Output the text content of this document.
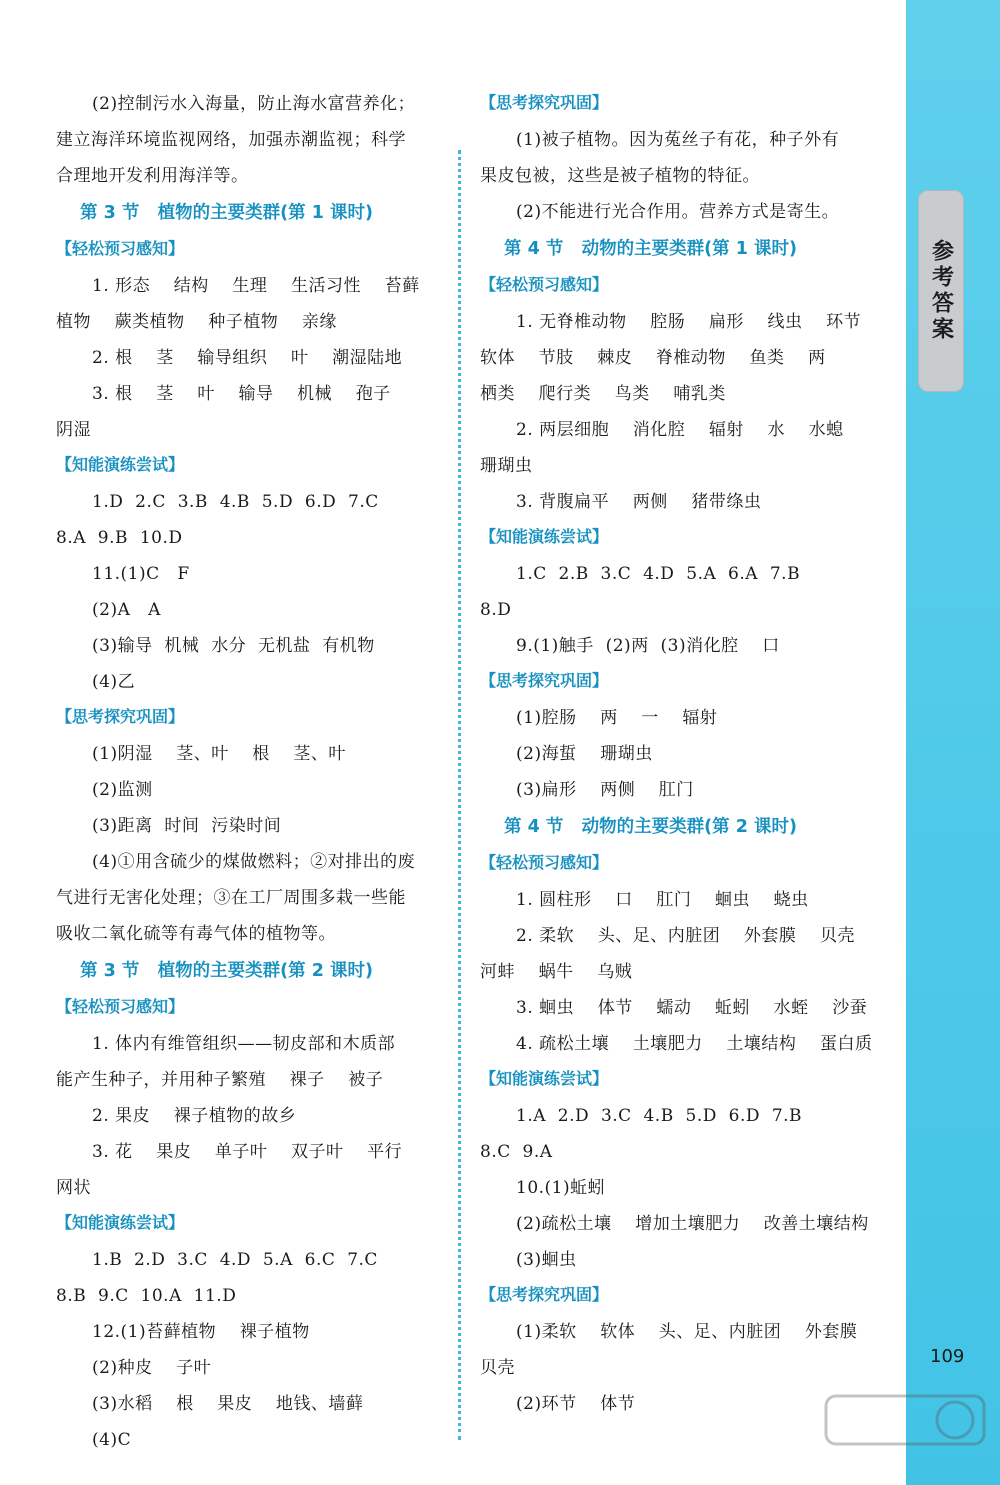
参考答案
(2)控制污水入海量，防止海水富营养化；
建立海洋环境监视网络，加强赤潮监视；科学
合理地开发利用海洋等。
第 3 节   植物的主要类群(第 1 课时)
【轻松预习感知】
1. 形态    结构    生理    生活习性    苔藓
植物    蕨类植物    种子植物    亲缘
2. 根    茎    输导组织    叶    潮湿陆地
3. 根    茎    叶    输导    机械    孢子
阴湿
【知能演练尝试】
1.D  2.C  3.B  4.B  5.D  6.D  7.C
8.A  9.B  10.D
11.(1)C   F
(2)A   A
(3)输导  机械  水分  无机盐  有机物
(4)乙
【思考探究巩固】
(1)阴湿    茎、叶    根    茎、叶
(2)监测
(3)距离  时间  污染时间
(4)①用含硫少的煤做燃料；②对排出的废
气进行无害化处理；③在工厂周围多栽一些能
吸收二氧化硫等有毒气体的植物等。
第 3 节   植物的主要类群(第 2 课时)
【轻松预习感知】
1. 体内有维管组织——韧皮部和木质部
能产生种子，并用种子繁殖    裸子    被子
2. 果皮    裸子植物的故乡
3. 花    果皮    单子叶    双子叶    平行
网状
【知能演练尝试】
1.B  2.D  3.C  4.D  5.A  6.C  7.C
8.B  9.C  10.A  11.D
12.(1)苔藓植物    裸子植物
(2)种皮    子叶
(3)水稻    根    果皮    地钱、墙藓
(4)C
【思考探究巩固】
(1)被子植物。因为菟丝子有花，种子外有
果皮包被，这些是被子植物的特征。
(2)不能进行光合作用。营养方式是寄生。
第 4 节   动物的主要类群(第 1 课时)
【轻松预习感知】
1. 无脊椎动物    腔肠    扁形    线虫    环节
软体    节肢    棘皮    脊椎动物    鱼类    两
栖类    爬行类    鸟类    哺乳类
2. 两层细胞    消化腔    辐射    水    水螅
珊瑚虫
3. 背腹扁平    两侧    猪带绦虫
【知能演练尝试】
1.C  2.B  3.C  4.D  5.A  6.A  7.B
8.D
9.(1)触手  (2)两  (3)消化腔    口
【思考探究巩固】
(1)腔肠    两    一    辐射
(2)海蜇    珊瑚虫
(3)扁形    两侧    肛门
第 4 节   动物的主要类群(第 2 课时)
【轻松预习感知】
1. 圆柱形    口    肛门    蛔虫    蛲虫
2. 柔软    头、足、内脏团    外套膜    贝壳
河蚌    蜗牛    乌贼
3. 蛔虫    体节    蠕动    蚯蚓    水蛭    沙蚕
4. 疏松土壤    土壤肥力    土壤结构    蛋白质
【知能演练尝试】
1.A  2.D  3.C  4.B  5.D  6.D  7.B
8.C  9.A
10.(1)蚯蚓
(2)疏松土壤    增加土壤肥力    改善土壤结构
(3)蛔虫
【思考探究巩固】
(1)柔软    软体    头、足、内脏团    外套膜
贝壳
(2)环节    体节
109
